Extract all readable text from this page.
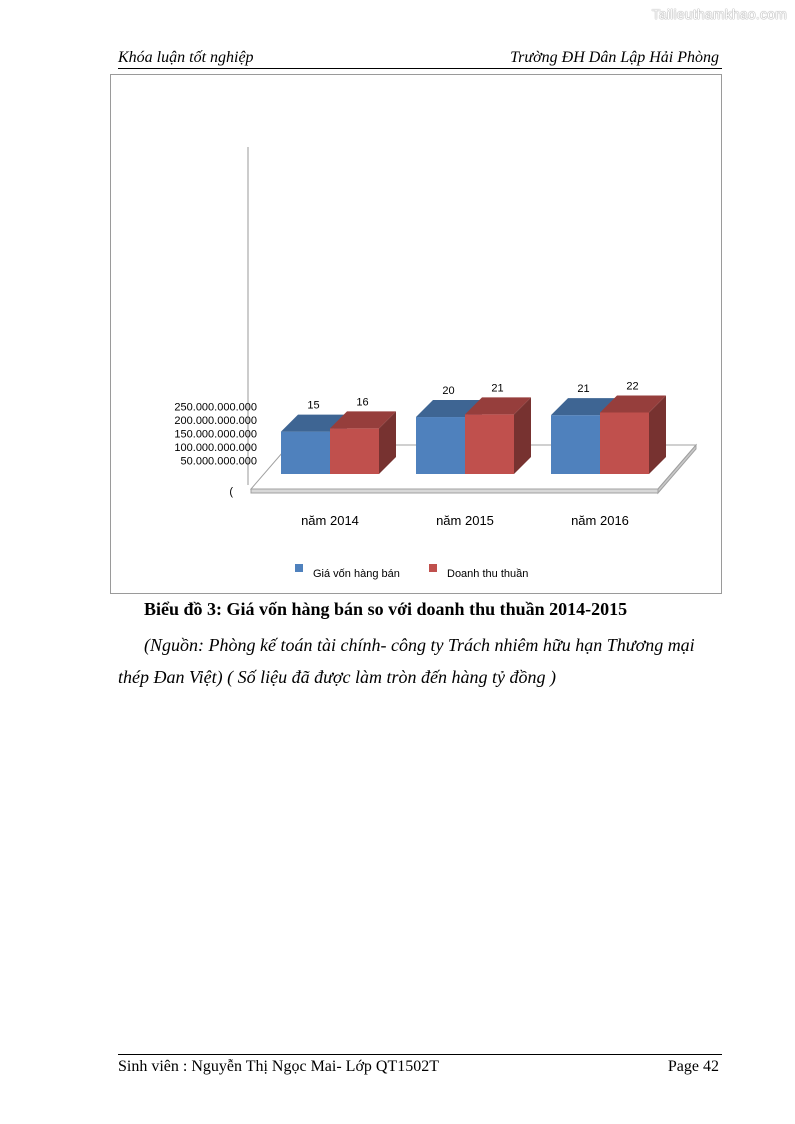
Tailieuthamkhao.com
Khóa luận tốt nghiệp	Trường ĐH Dân Lập Hải Phòng
(
50.000.000.000
100.000.000.000
150.000.000.000
200.000.000.000
250.000.000.000	15
20	21
16
21	22
năm 2014	năm 2015	năm 2016
Giá vốn hàng bán	Doanh thu thuần
Biểu đồ 3: Giá vốn hàng bán so với doanh thu thuần 2014-2015
(Nguồn: Phòng kế toán tài chính- công ty Trách nhiêm hữu hạn Thương mại thép Đan Việt) ( Số liệu đã được làm tròn đến hàng tỷ đồng )
Sinh viên : Nguyễn Thị Ngọc Mai- Lớp QT1502T	Page 42
